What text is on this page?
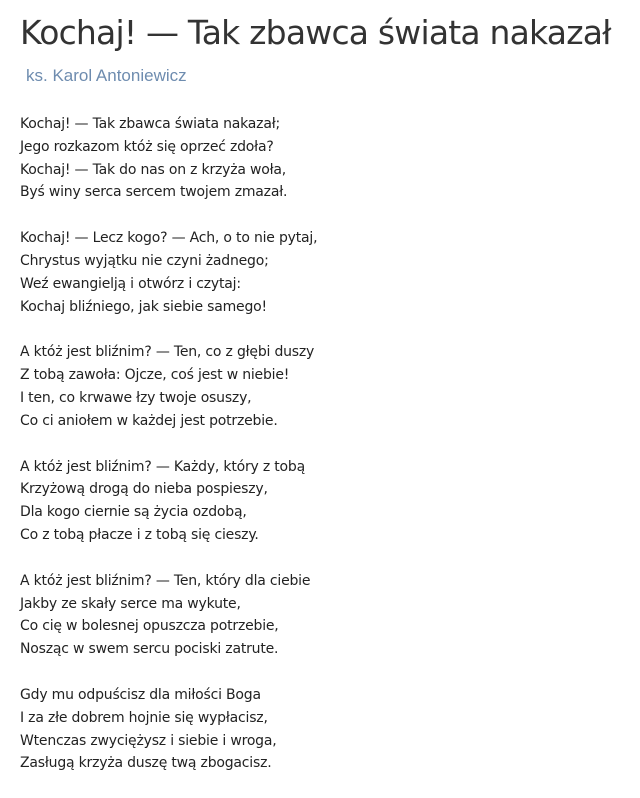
Kochaj! — Tak zbawca świata nakazał
ks. Karol Antoniewicz

Kochaj! — Tak zbawca świata nakazał;
Jego rozkazom któż się oprzeć zdoła?
Kochaj! — Tak do nas on z krzyża woła,
Byś winy serca sercem twojem zmazał.

Kochaj! — Lecz kogo? — Ach, o to nie pytaj,
Chrystus wyjątku nie czyni żadnego;
Weź ewangielją i otwórz i czytaj:
Kochaj bliźniego, jak siebie samego!

A któż jest bliźnim? — Ten, co z głębi duszy
Z tobą zawoła: Ojcze, coś jest w niebie!
I ten, co krwawe łzy twoje osuszy,
Co ci aniołem w każdej jest potrzebie.

A któż jest bliźnim? — Każdy, który z tobą
Krzyżową drogą do nieba pospieszy,
Dla kogo ciernie są życia ozdobą,
Co z tobą płacze i z tobą się cieszy.

A któż jest bliźnim? — Ten, który dla ciebie
Jakby ze skały serce ma wykute,
Co cię w bolesnej opuszcza potrzebie,
Nosząc w swem sercu pociski zatrute.

Gdy mu odpuścisz dla miłości Boga
I za złe dobrem hojnie się wypłacisz,
Wtenczas zwyciężysz i siebie i wroga,
Zasługą krzyża duszę twą zbogacisz.
